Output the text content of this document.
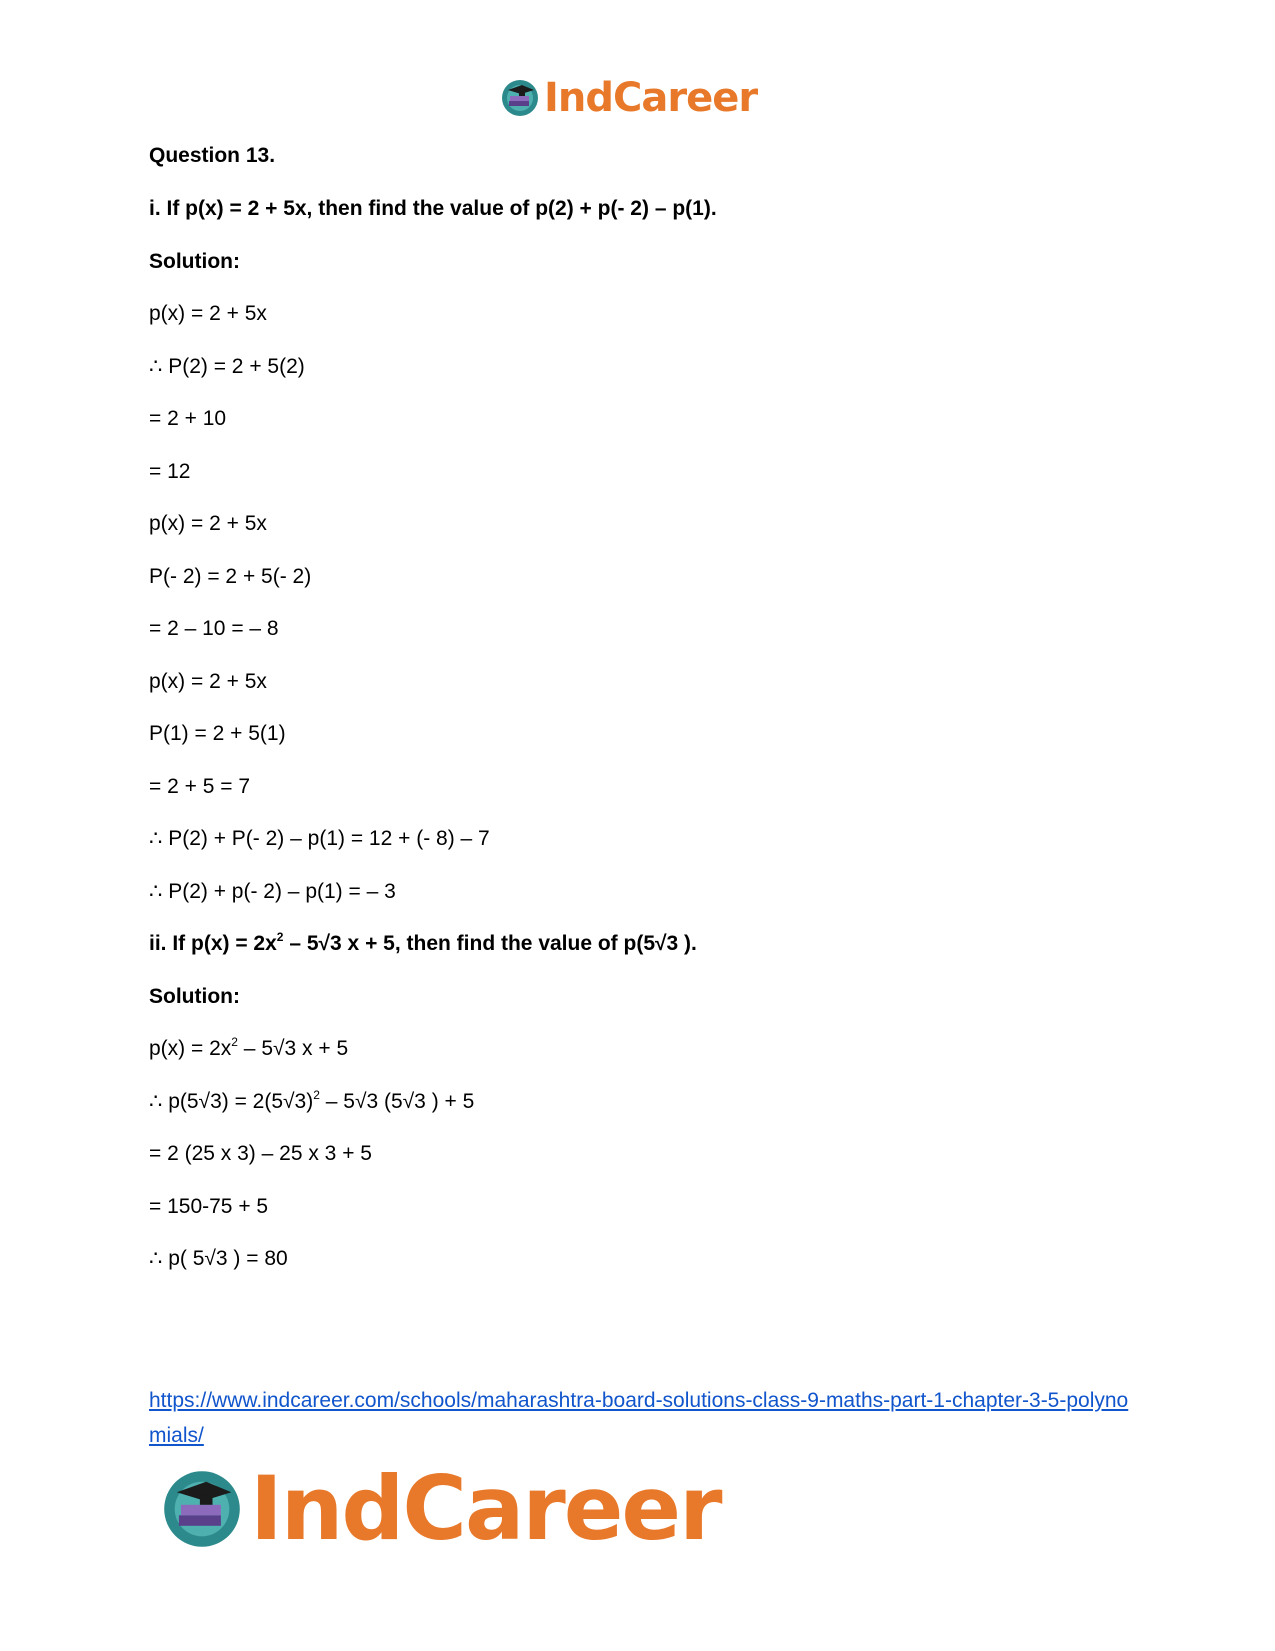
IndCareer
Question 13.
i. If p(x) = 2 + 5x, then find the value of p(2) + p(- 2) – p(1).
Solution:
p(x) = 2 + 5x
∴ P(2) = 2 + 5(2)
= 2 + 10
= 12
p(x) = 2 + 5x
P(- 2) = 2 + 5(- 2)
= 2 – 10 = – 8
p(x) = 2 + 5x
P(1) = 2 + 5(1)
= 2 + 5 = 7
∴ P(2) + P(- 2) – p(1) = 12 + (- 8) – 7
∴ P(2) + p(- 2) – p(1) = – 3
ii. If $p(x) = 2x^2 - 5√3$ x + 5, then find the value of p(5√3 ).
Solution:
$p(x) = 2x^2 - 5√3$ x + 5
∴ $p(5√3) = 2(5√3)^2 - 5√3$ (5√3 ) + 5
= 2 (25 x 3) – 25 x 3 + 5
= 150-75 + 5
∴ p( 5√3 ) = 80
https://www.indcareer.com/schools/maharashtra-board-solutions-class-9-maths-part-1-chapter-3-5-polynomials/
IndCareer
